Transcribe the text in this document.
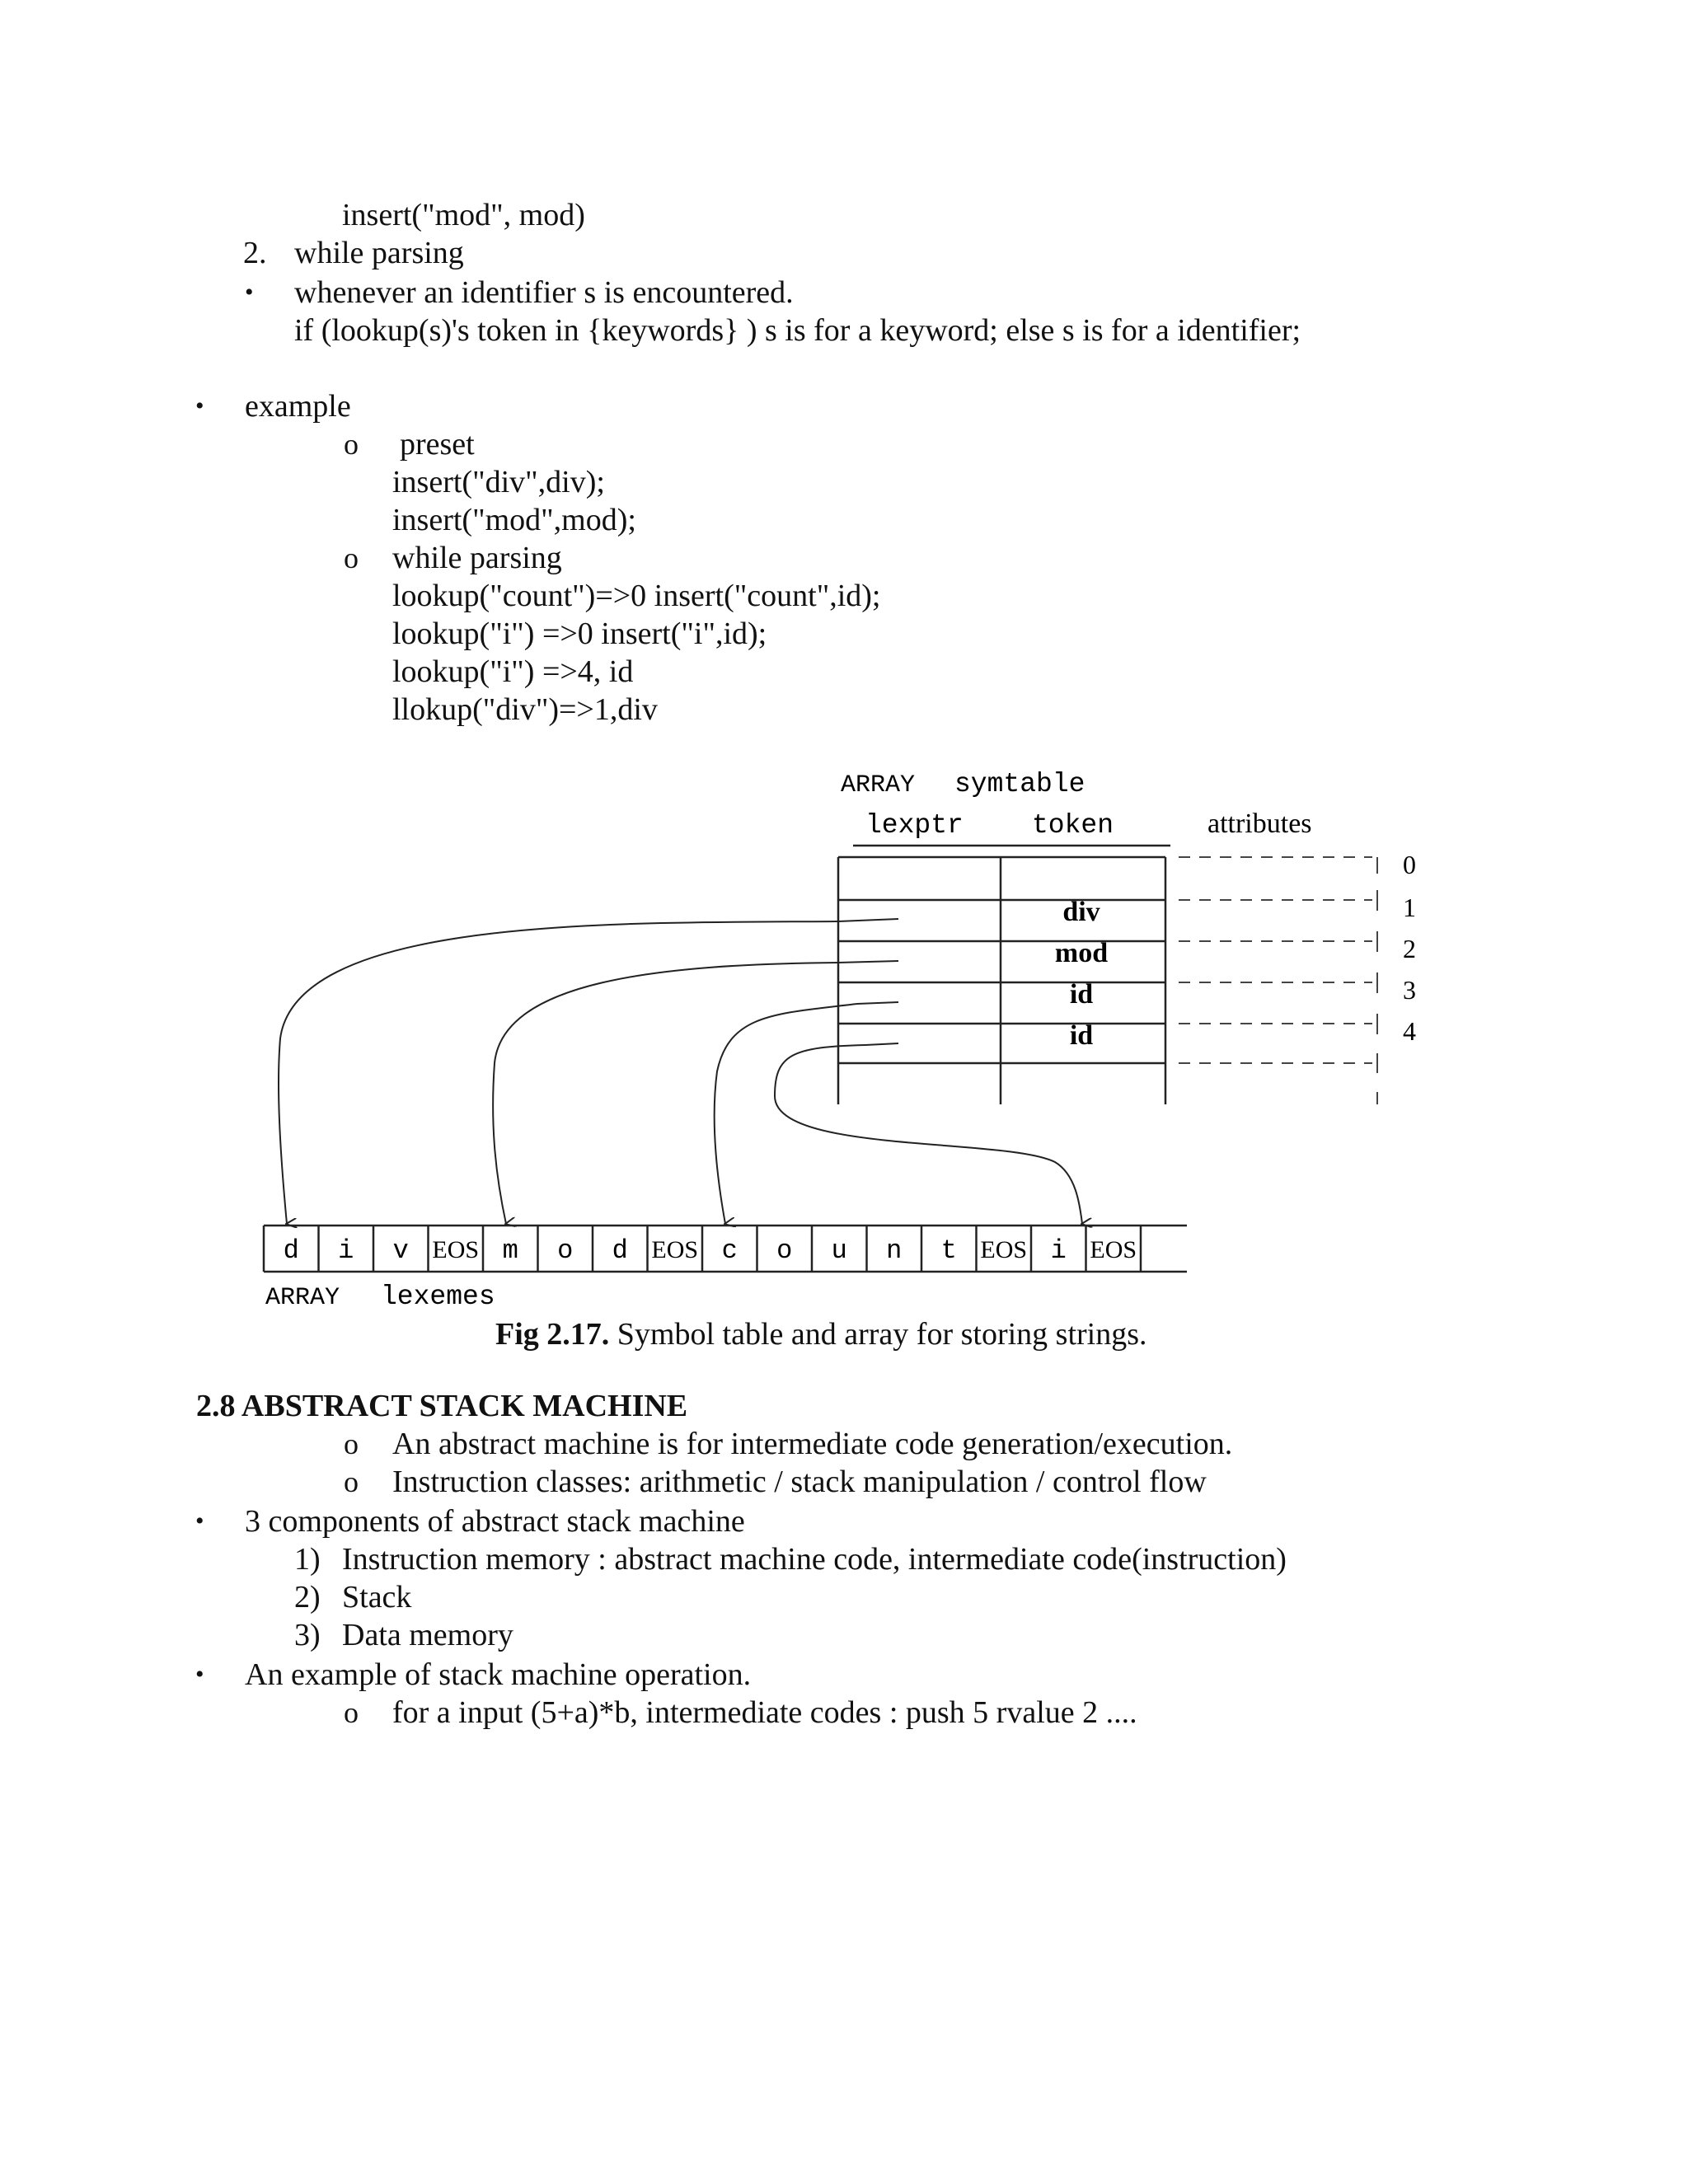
insert("mod", mod)
2. while parsing
• whenever an identifier s is encountered.
if (lookup(s)'s token in {keywords} ) s is for a keyword; else s is for a identifier;
• example
o preset
insert("div",div);
insert("mod",mod);
o while parsing
lookup("count")=>0 insert("count",id);
lookup("i") =>0 insert("i",id);
lookup("i") =>4, id
llokup("div")=>1,div
ARRAY symtable
lexptr	token	attributes
div
mod
id
id
0
1
2
3
4
d i v EOS m o d EOS c o u n t EOS i EOS
ARRAY lexemes
Fig 2.17. Symbol table and array for storing strings.
2.8 ABSTRACT STACK MACHINE
o An abstract machine is for intermediate code generation/execution.
o Instruction classes: arithmetic / stack manipulation / control flow
• 3 components of abstract stack machine
1) Instruction memory : abstract machine code, intermediate code(instruction)
2) Stack
3) Data memory
• An example of stack machine operation.
o for a input (5+a)*b, intermediate codes : push 5 rvalue 2 ....
